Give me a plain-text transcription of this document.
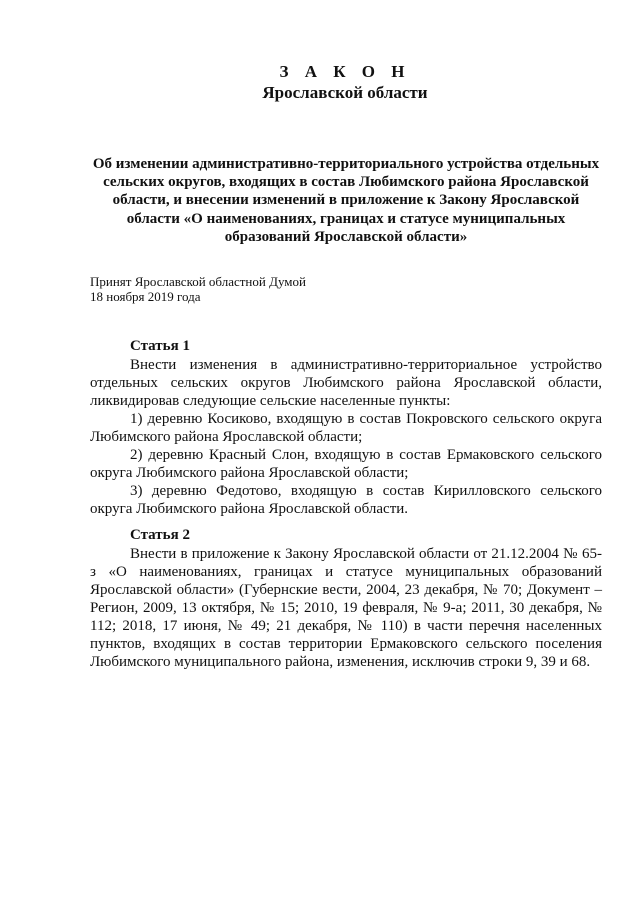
З А К О Н
Ярославской области
Об изменении административно-территориального устройства отдельных сельских округов, входящих в состав Любимского района Ярославской области, и внесении изменений в приложение к Закону Ярославской области «О наименованиях, границах и статусе муниципальных образований Ярославской области»
Принят Ярославской областной Думой
18 ноября 2019 года
Статья 1

Внести изменения в административно-территориальное устройство отдельных сельских округов Любимского района Ярославской области, ликвидировав следующие сельские населенные пункты:

1) деревню Косиково, входящую в состав Покровского сельского округа Любимского района Ярославской области;

2) деревню Красный Слон, входящую в состав Ермаковского сельского округа Любимского района Ярославской области;

3) деревню Федотово, входящую в состав Кирилловского сельского округа Любимского района Ярославской области.

Статья 2

Внести в приложение к Закону Ярославской области от 21.12.2004 № 65-з «О наименованиях, границах и статусе муниципальных образований Ярославской области» (Губернские вести, 2004, 23 декабря, № 70; Документ – Регион, 2009, 13 октября, № 15; 2010, 19 февраля, № 9-а; 2011, 30 декабря, № 112; 2018, 17 июня, № 49; 21 декабря, № 110) в части перечня населенных пунктов, входящих в состав территории Ермаковского сельского поселения Любимского муниципального района, изменения, исключив строки 9, 39 и 68.
